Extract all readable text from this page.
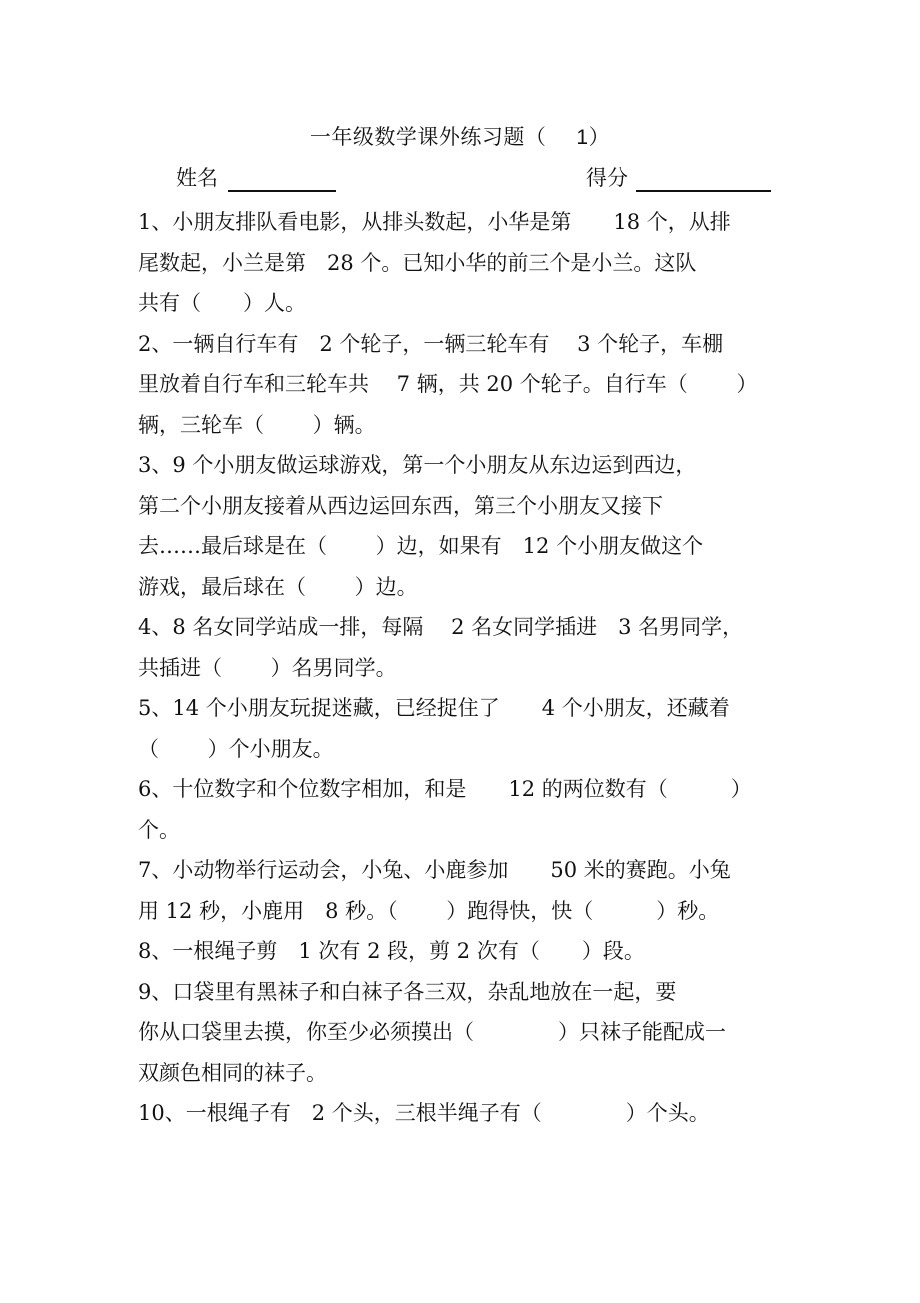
一年级数学课外练习题（ 1）
姓名	得分

1、小朋友排队看电影，从排头数起，小华是第　　18 个，从排

尾数起，小兰是第　28 个。已知小华的前三个是小兰。这队

共有（　　）人。

2、一辆自行车有　2 个轮子，一辆三轮车有　 3 个轮子，车棚

里放着自行车和三轮车共　 7 辆，共 20 个轮子。自行车（　　 ）

辆，三轮车（　　 ）辆。

3、9 个小朋友做运球游戏，第一个小朋友从东边运到西边，

第二个小朋友接着从西边运回东西，第三个小朋友又接下

去……最后球是在（　　 ）边，如果有　12 个小朋友做这个

游戏，最后球在（　　 ）边。

4、8 名女同学站成一排，每隔　 2 名女同学插进　3 名男同学，

共插进（　　 ）名男同学。

5、14 个小朋友玩捉迷藏，已经捉住了　　4 个小朋友，还藏着

（　　 ）个小朋友。

6、十位数字和个位数字相加，和是　　12 的两位数有（　　　）

个。

7、小动物举行运动会，小兔、小鹿参加　　50 米的赛跑。小兔

用 12 秒，小鹿用　8 秒。（　　 ）跑得快，快（　　　）秒。

8、一根绳子剪　1 次有 2 段，剪 2 次有（　　）段。

9、口袋里有黑袜子和白袜子各三双，杂乱地放在一起，要

你从口袋里去摸，你至少必须摸出（　　　　）只袜子能配成一

双颜色相同的袜子。

10、一根绳子有　2 个头，三根半绳子有（　　　　）个头。
